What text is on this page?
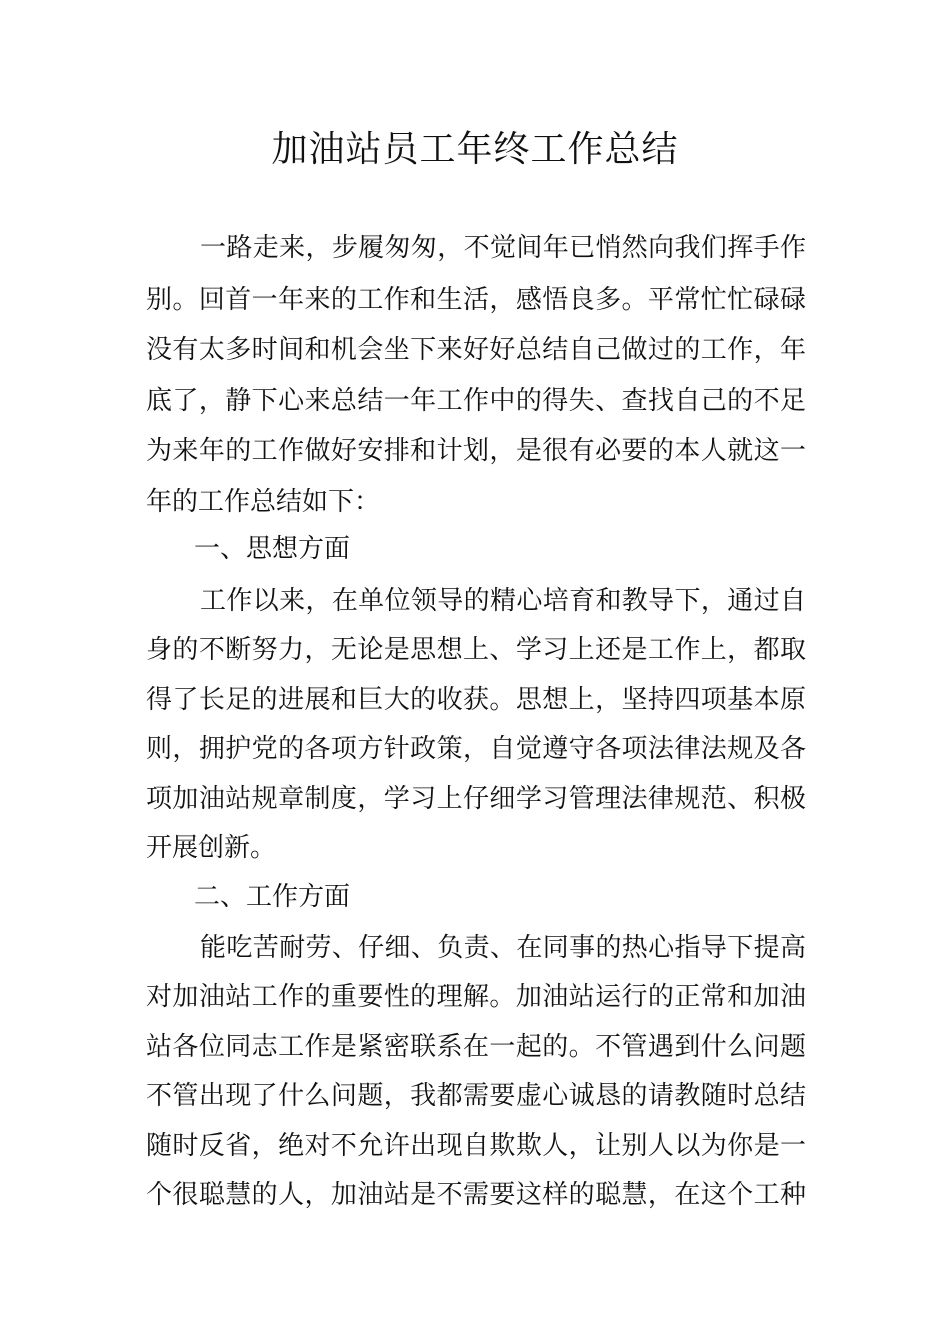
加油站员工年终工作总结

一路走来，步履匆匆，不觉间年已悄然向我们挥手作

别。回首一年来的工作和生活，感悟良多。平常忙忙碌碌

没有太多时间和机会坐下来好好总结自己做过的工作，年

底了，静下心来总结一年工作中的得失、查找自己的不足

为来年的工作做好安排和计划，是很有必要的本人就这一

年的工作总结如下：

一、思想方面

工作以来，在单位领导的精心培育和教导下，通过自

身的不断努力，无论是思想上、学习上还是工作上，都取

得了长足的进展和巨大的收获。思想上，坚持四项基本原

则，拥护党的各项方针政策，自觉遵守各项法律法规及各

项加油站规章制度，学习上仔细学习管理法律规范、积极

开展创新。

二、工作方面

能吃苦耐劳、仔细、负责、在同事的热心指导下提高

对加油站工作的重要性的理解。加油站运行的正常和加油

站各位同志工作是紧密联系在一起的。不管遇到什么问题

不管出现了什么问题，我都需要虚心诚恳的请教随时总结

随时反省，绝对不允许出现自欺欺人，让别人以为你是一

个很聪慧的人，加油站是不需要这样的聪慧，在这个工种
